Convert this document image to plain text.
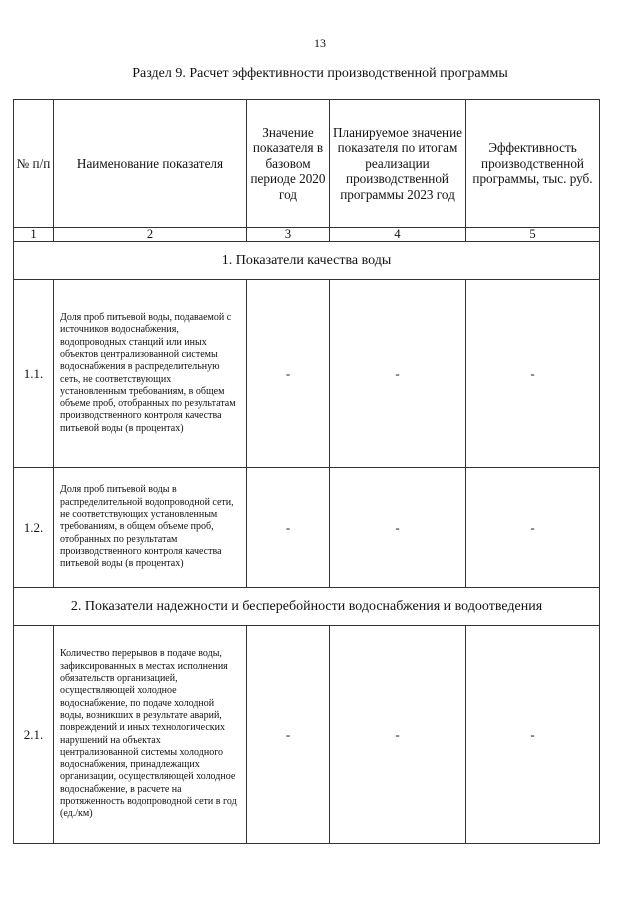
13
Раздел 9. Расчет эффективности производственной программы
№ п/п	Наименование показателя	Значение показателя в базовом периоде 2020 год	Планируемое значение показателя по итогам реализации производственной программы 2023 год	Эффективность производственной программы, тыс. руб.
1	2	3	4	5
1. Показатели качества воды				
1.1.	Доля проб питьевой воды, подаваемой с источников водоснабжения, водопроводных станций или иных объектов централизованной системы водоснабжения в распределительную сеть, не соответствующих установленным требованиям, в общем объеме проб, отобранных по результатам производственного контроля качества питьевой воды (в процентах)	-	-	-
1.2.	Доля проб питьевой воды в распределительной водопроводной сети, не соответствующих установленным требованиям, в общем объеме проб, отобранных по результатам производственного контроля качества питьевой воды (в процентах)	-	-	-
2. Показатели надежности и бесперебойности водоснабжения и водоотведения				
2.1.	Количество перерывов в подаче воды, зафиксированных в местах исполнения обязательств организацией, осуществляющей холодное водоснабжение, по подаче холодной воды, возникших в результате аварий, повреждений и иных технологических нарушений на объектах централизованной системы холодного водоснабжения, принадлежащих организации, осуществляющей холодное водоснабжение, в расчете на протяженность водопроводной сети в год (ед./км)	-	-	-
